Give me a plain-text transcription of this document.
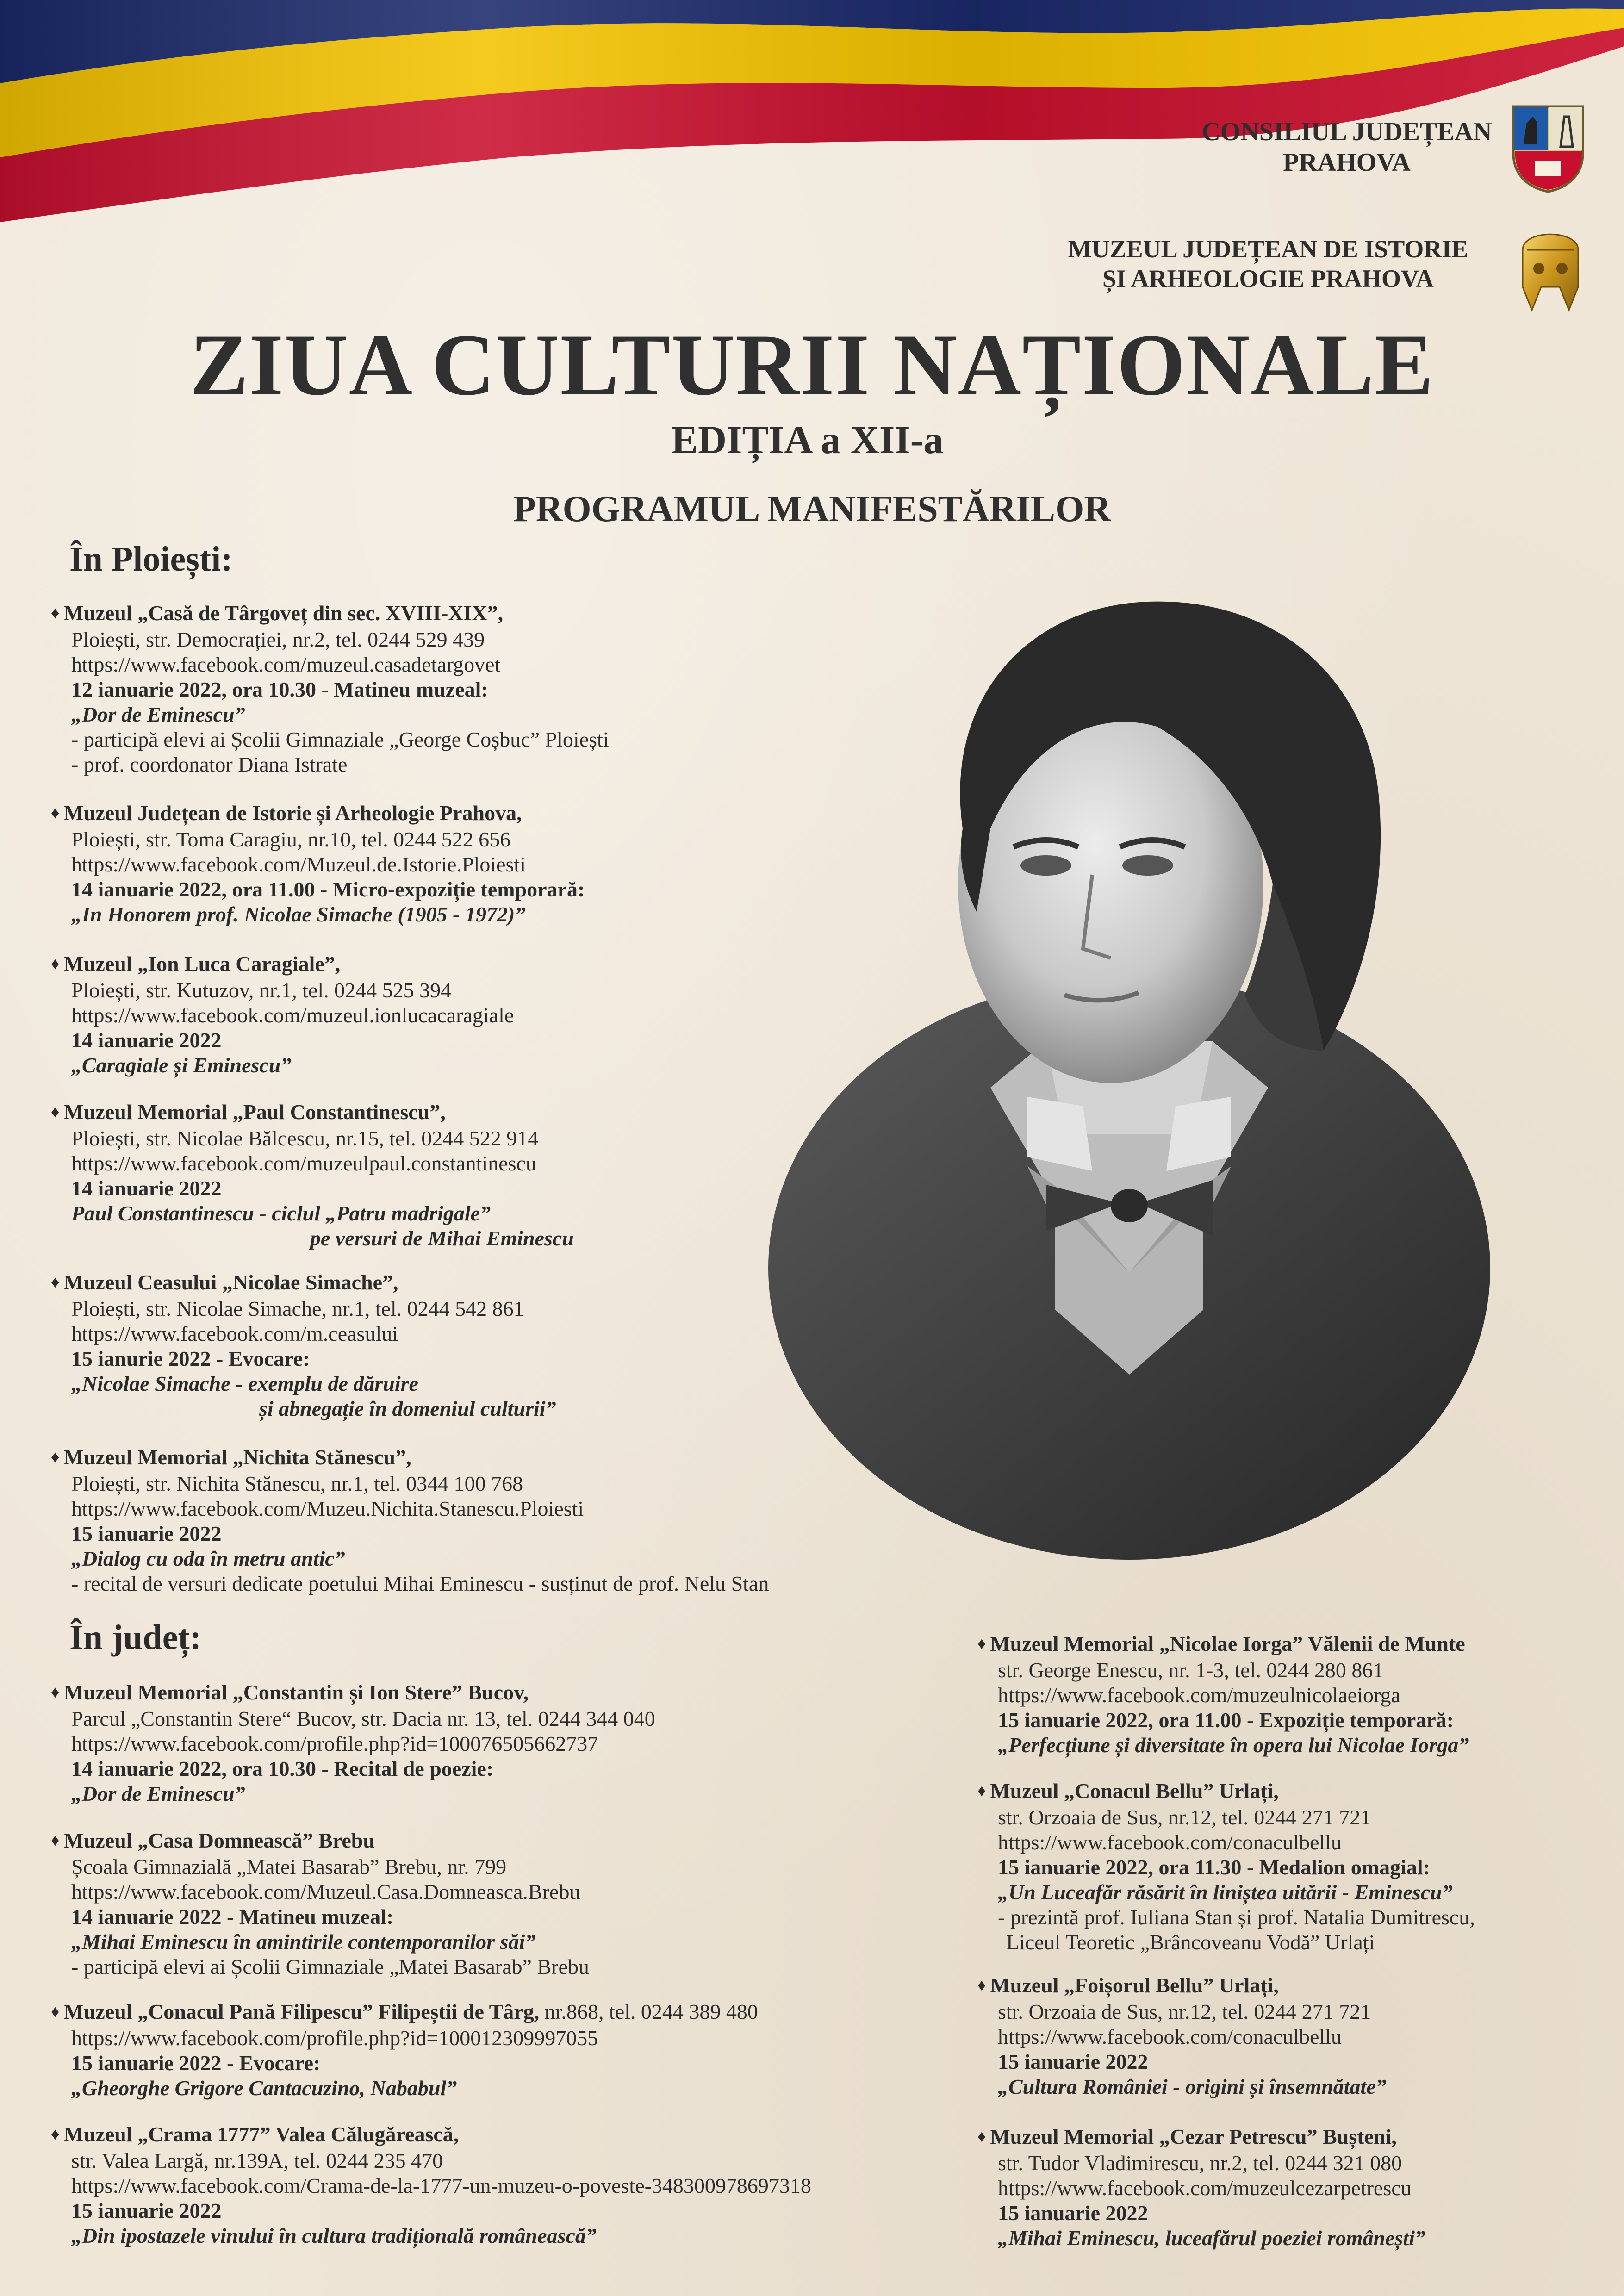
CONSILIUL JUDEȚEAN
PRAHOVA
MUZEUL JUDEȚEAN DE ISTORIE
ȘI ARHEOLOGIE PRAHOVA
ZIUA CULTURII NAȚIONALE
EDIȚIA a XII-a
PROGRAMUL MANIFESTĂRILOR
În Ploiești:
♦ Muzeul „Casă de Târgoveț din sec. XVIII-XIX”,
Ploiești, str. Democrației, nr.2, tel. 0244 529 439
https://www.facebook.com/muzeul.casadetargovet
12 ianuarie 2022, ora 10.30 - Matineu muzeal:
„Dor de Eminescu”
- participă elevi ai Școlii Gimnaziale „George Coșbuc” Ploiești
- prof. coordonator Diana Istrate
♦ Muzeul Județean de Istorie și Arheologie Prahova,
Ploiești, str. Toma Caragiu, nr.10, tel. 0244 522 656
https://www.facebook.com/Muzeul.de.Istorie.Ploiesti
14 ianuarie 2022, ora 11.00 - Micro-expoziție temporară:
„In Honorem prof. Nicolae Simache (1905 - 1972)”
♦ Muzeul „Ion Luca Caragiale”,
Ploiești, str. Kutuzov, nr.1, tel. 0244 525 394
https://www.facebook.com/muzeul.ionlucacaragiale
14 ianuarie 2022
„Caragiale și Eminescu”
♦ Muzeul Memorial „Paul Constantinescu”,
Ploiești, str. Nicolae Bălcescu, nr.15, tel. 0244 522 914
https://www.facebook.com/muzeulpaul.constantinescu
14 ianuarie 2022
Paul Constantinescu - ciclul „Patru madrigale”
pe versuri de Mihai Eminescu
♦ Muzeul Ceasului „Nicolae Simache”,
Ploiești, str. Nicolae Simache, nr.1, tel. 0244 542 861
https://www.facebook.com/m.ceasului
15 ianurie 2022 - Evocare:
„Nicolae Simache - exemplu de dăruire
și abnegație în domeniul culturii”
♦ Muzeul Memorial „Nichita Stănescu”,
Ploiești, str. Nichita Stănescu, nr.1, tel. 0344 100 768
https://www.facebook.com/Muzeu.Nichita.Stanescu.Ploiesti
15 ianuarie 2022
„Dialog cu oda în metru antic”
- recital de versuri dedicate poetului Mihai Eminescu - susținut de prof. Nelu Stan
În județ:
♦ Muzeul Memorial „Constantin și Ion Stere” Bucov,
Parcul „Constantin Stere“ Bucov, str. Dacia nr. 13, tel. 0244 344 040
https://www.facebook.com/profile.php?id=100076505662737
14 ianuarie 2022, ora 10.30 - Recital de poezie:
„Dor de Eminescu”
♦ Muzeul „Casa Domnească” Brebu
Școala Gimnazială „Matei Basarab” Brebu, nr. 799
https://www.facebook.com/Muzeul.Casa.Domneasca.Brebu
14 ianuarie 2022 - Matineu muzeal:
„Mihai Eminescu în amintirile contemporanilor săi”
- participă elevi ai Școlii Gimnaziale „Matei Basarab” Brebu
♦ Muzeul „Conacul Pană Filipescu” Filipeștii de Târg, nr.868, tel. 0244 389 480
https://www.facebook.com/profile.php?id=100012309997055
15 ianuarie 2022 - Evocare:
„Gheorghe Grigore Cantacuzino, Nababul”
♦ Muzeul „Crama 1777” Valea Călugărească,
str. Valea Largă, nr.139A, tel. 0244 235 470
https://www.facebook.com/Crama-de-la-1777-un-muzeu-o-poveste-348300978697318
15 ianuarie 2022
„Din ipostazele vinului în cultura tradițională românească”
♦ Muzeul Memorial „Nicolae Iorga” Vălenii de Munte
str. George Enescu, nr. 1-3, tel. 0244 280 861
https://www.facebook.com/muzeulnicolaeiorga
15 ianuarie 2022, ora 11.00 - Expoziție temporară:
„Perfecțiune și diversitate în opera lui Nicolae Iorga”
♦ Muzeul „Conacul Bellu” Urlați,
str. Orzoaia de Sus, nr.12, tel. 0244 271 721
https://www.facebook.com/conaculbellu
15 ianuarie 2022, ora 11.30 - Medalion omagial:
„Un Luceafăr răsărit în liniștea uitării - Eminescu”
- prezintă prof. Iuliana Stan și prof. Natalia Dumitrescu,
Liceul Teoretic „Brâncoveanu Vodă” Urlați
♦ Muzeul „Foișorul Bellu” Urlați,
str. Orzoaia de Sus, nr.12, tel. 0244 271 721
https://www.facebook.com/conaculbellu
15 ianuarie 2022
„Cultura României - origini și însemnătate”
♦ Muzeul Memorial „Cezar Petrescu” Bușteni,
str. Tudor Vladimirescu, nr.2, tel. 0244 321 080
https://www.facebook.com/muzeulcezarpetrescu
15 ianuarie 2022
„Mihai Eminescu, luceafărul poeziei românești”
